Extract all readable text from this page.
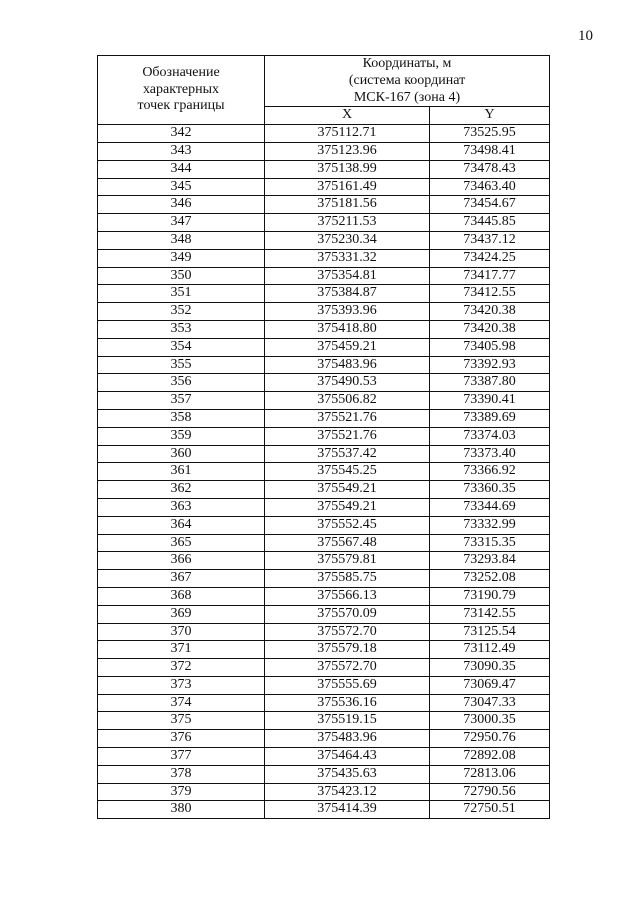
10
Обозначение
характерных
точек границы	Координаты, м
(система координат
МСК-167 (зона 4)	

	X	Y
342	375112.71	73525.95
343	375123.96	73498.41
344	375138.99	73478.43
345	375161.49	73463.40
346	375181.56	73454.67
347	375211.53	73445.85
348	375230.34	73437.12
349	375331.32	73424.25
350	375354.81	73417.77
351	375384.87	73412.55
352	375393.96	73420.38
353	375418.80	73420.38
354	375459.21	73405.98
355	375483.96	73392.93
356	375490.53	73387.80
357	375506.82	73390.41
358	375521.76	73389.69
359	375521.76	73374.03
360	375537.42	73373.40
361	375545.25	73366.92
362	375549.21	73360.35
363	375549.21	73344.69
364	375552.45	73332.99
365	375567.48	73315.35
366	375579.81	73293.84
367	375585.75	73252.08
368	375566.13	73190.79
369	375570.09	73142.55
370	375572.70	73125.54
371	375579.18	73112.49
372	375572.70	73090.35
373	375555.69	73069.47
374	375536.16	73047.33
375	375519.15	73000.35
376	375483.96	72950.76
377	375464.43	72892.08
378	375435.63	72813.06
379	375423.12	72790.56
380	375414.39	72750.51
